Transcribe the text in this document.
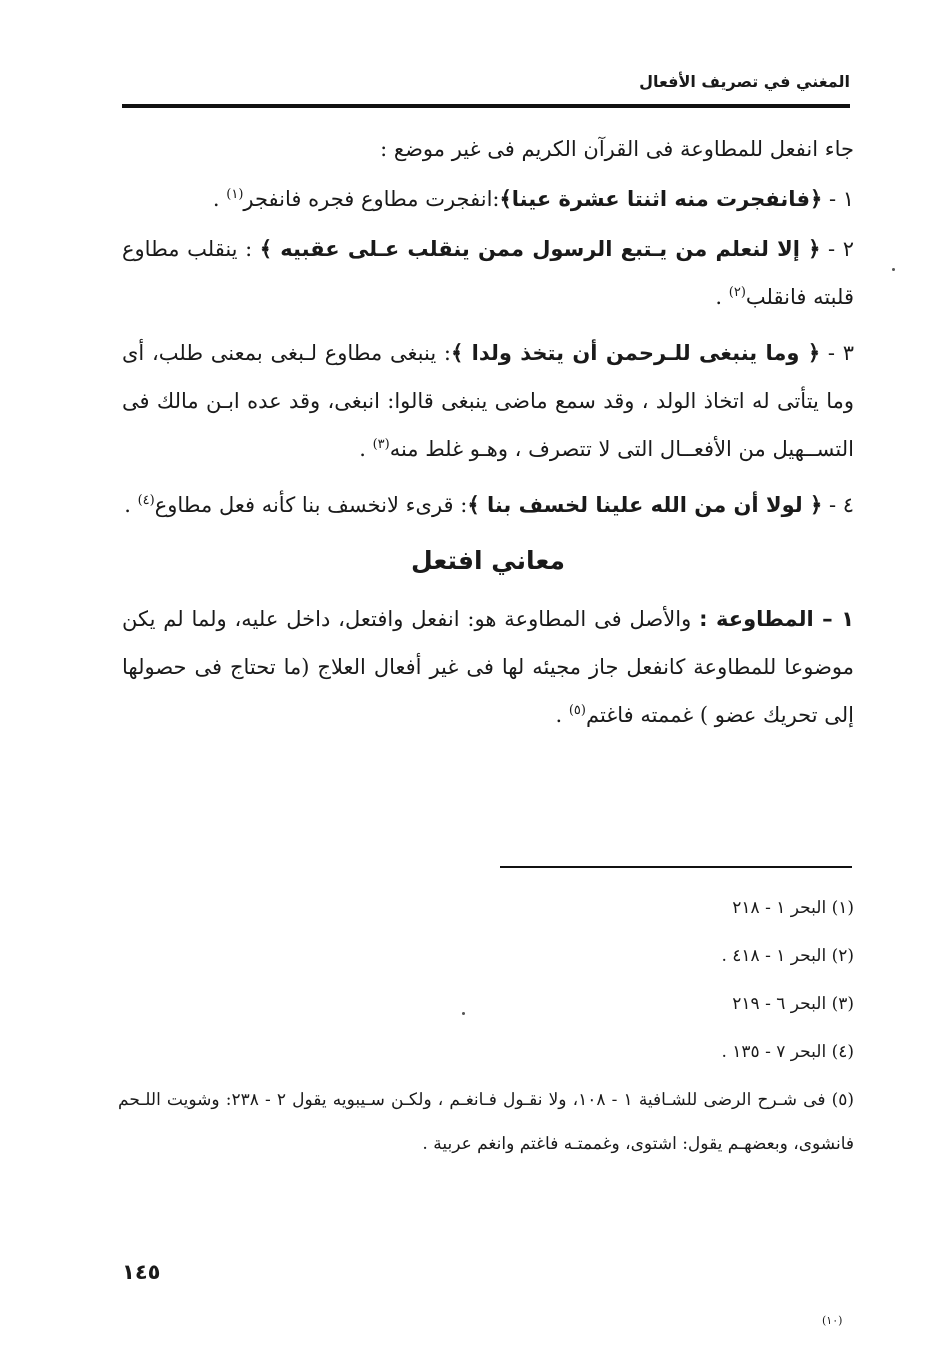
المغني في تصريف الأفعال

جاء انفعل للمطاوعة فى القرآن الكريم فى غير موضع :

١ - ﴿فانفجرت منه اثنتا عشرة عينا﴾:انفجرت مطاوع فجره فانفجر$^{(١)}$ .

٢ - ﴿ إلا لنعلم من يـتبع الرسول ممن ينقلب عـلى عقبيه ﴾ : ينقلب مطاوع قلبته فانقلب$^{(٢)}$ .

٣ - ﴿ وما ينبغى للـرحمن أن يتخذ ولدا ﴾: ينبغى مطاوع لـبغى بمعنى طلب، أى وما يتأتى له اتخاذ الولد ، وقد سمع ماضى ينبغى قالوا: انبغى، وقد عده ابـن مالك فى التســهيل من الأفعــال التى لا تتصرف ، وهـو غلط منه$^{(٣)}$ .

٤ - ﴿ لولا أن من الله علينا لخسف بنا ﴾: قرىء لانخسف بنا كأنه فعل مطاوع$^{(٤)}$ .

معاني افتعل

١ – المطاوعة : والأصل فى المطاوعة هو: انفعل وافتعل، داخل عليه، ولما لم يكن موضوعا للمطاوعة كانفعل جاز مجيئه لها فى غير أفعال العلاج (ما تحتاج فى حصولها إلى تحريك عضو ) غممته فاغتم$^{(٥)}$ .

(١) البحر ١ - ٢١٨

(٢) البحر ١ - ٤١٨ .

(٣) البحر ٦ - ٢١٩

(٤) البحر ٧ - ١٣٥ .

(٥) فى شـرح الرضى للشـافية ١ - ١٠٨، ولا نقـول فـانغـم ، ولكـن سـيبويه يقول ٢ - ٢٣٨: وشويت اللـحم فانشوى، وبعضهـم يقول: اشتوى، وغممتـه فاغتم وانغم عربية .

١٤٥
(١٠)
